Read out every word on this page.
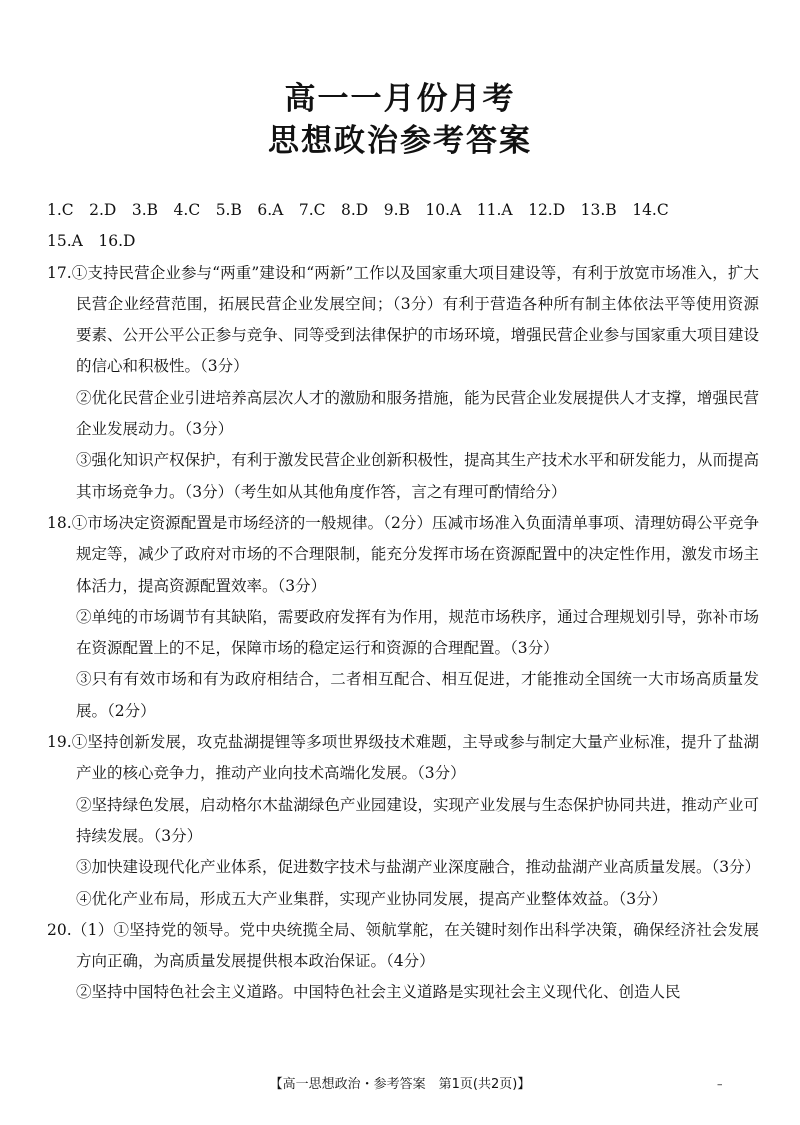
高一一月份月考
思想政治参考答案

1.C　2.D　3.B　4.C　5.B　6.A　7.C　8.D　9.B　10.A　11.A　12.D　13.B　14.C

15.A　16.D

17.①支持民营企业参与“两重”建设和“两新”工作以及国家重大项目建设等，有利于放宽市场准入，扩大民营企业经营范围，拓展民营企业发展空间；（3分）有利于营造各种所有制主体依法平等使用资源要素、公开公平公正参与竞争、同等受到法律保护的市场环境，增强民营企业参与国家重大项目建设的信心和积极性。（3分）

②优化民营企业引进培养高层次人才的激励和服务措施，能为民营企业发展提供人才支撑，增强民营企业发展动力。（3分）

③强化知识产权保护，有利于激发民营企业创新积极性，提高其生产技术水平和研发能力，从而提高其市场竞争力。（3分）（考生如从其他角度作答，言之有理可酌情给分）

18.①市场决定资源配置是市场经济的一般规律。（2分）压减市场准入负面清单事项、清理妨碍公平竞争规定等，减少了政府对市场的不合理限制，能充分发挥市场在资源配置中的决定性作用，激发市场主体活力，提高资源配置效率。（3分）

②单纯的市场调节有其缺陷，需要政府发挥有为作用，规范市场秩序，通过合理规划引导，弥补市场在资源配置上的不足，保障市场的稳定运行和资源的合理配置。（3分）

③只有有效市场和有为政府相结合，二者相互配合、相互促进，才能推动全国统一大市场高质量发展。（2分）

19.①坚持创新发展，攻克盐湖提锂等多项世界级技术难题，主导或参与制定大量产业标准，提升了盐湖产业的核心竞争力，推动产业向技术高端化发展。（3分）

②坚持绿色发展，启动格尔木盐湖绿色产业园建设，实现产业发展与生态保护协同共进，推动产业可持续发展。（3分）

③加快建设现代化产业体系，促进数字技术与盐湖产业深度融合，推动盐湖产业高质量发展。（3分）

④优化产业布局，形成五大产业集群，实现产业协同发展，提高产业整体效益。（3分）

20.（1）①坚持党的领导。党中央统揽全局、领航掌舵，在关键时刻作出科学决策，确保经济社会发展方向正确，为高质量发展提供根本政治保证。（4分）

②坚持中国特色社会主义道路。中国特色社会主义道路是实现社会主义现代化、创造人民

【高一思想政治・参考答案　第1页(共2页)】	–
